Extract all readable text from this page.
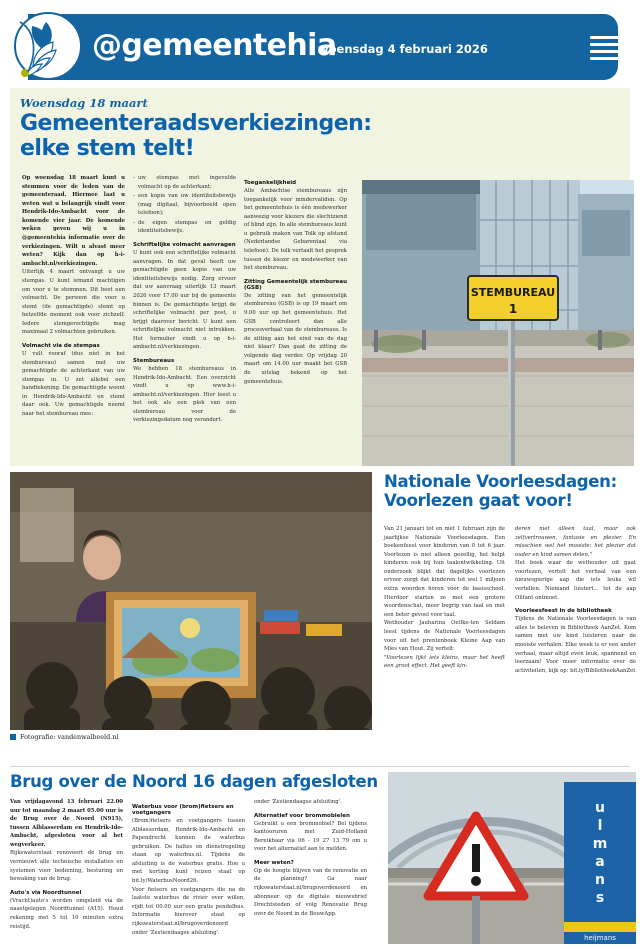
@gemeentehia
woensdag 4 februari 2026
Woensdag 18 maart
Gemeenteraadsverkiezingen: elke stem telt!

Op woensdag 18 maart kunt u stemmen voor de leden van de gemeenteraad. Hiermee laat u weten wat u belangrijk vindt voor Hendrik-Ido-Ambacht voor de komende vier jaar. De komende weken geven wij u in @gemeentehia informatie over de verkiezingen. Wilt u alvast meer weten? Kijk dan op h-i-ambacht.nl/verkiezingen.

Uiterlijk 4 maart ontvangt u uw stempas. U kunt iemand machtigen om voor u te stemmen. Dit heet een volmacht. De persoon die voor u stemt (de gemachtigde) stemt op hetzelfde moment ook voor zichzelf. Iedere stemgerechtigde mag maximaal 2 volmachten gebruiken.

Volmacht via de stempas

U vult vooraf (dus niet in het stembureau) samen met uw gemachtigde de achterkant van uw stempas in. U zet allebei een handtekening. De gemachtigde woont in Hendrik-Ido-Ambacht en stemt daar ook. Uw gemachtigde neemt naar het stembureau mee:

- uw stempas met ingevulde volmacht op de achterkant;
- een kopie van uw identiteitsbewijs (mag digitaal, bijvoorbeeld open telefoon);
- de eigen stempas en geldig identiteitsbewijs.
Schriftelijke volmacht aanvragen

U kunt ook een schriftelijke volmacht aanvragen. In dat geval heeft uw gemachtigde geen kopie van uw identiteitsbewijs nodig. Zorg ervoor dat uw aanvraag uiterlijk 13 maart 2026 voor 17.00 uur bij de gemeente binnen is. De gemachtigde krijgt de schriftelijke volmacht per post, u krijgt daarover bericht. U kunt een schriftelijke volmacht niet intrekken. Het formulier vindt u op h-i-ambacht.nl/verkiezingen.

Stembureaus

We hebben 18 stembureaus in Hendrik-Ido-Ambacht. Een overzicht vindt u op www.h-i-ambacht.nl/verkiezingen. Hier leest u het ook als een plek van een stembureau voor de verkiezingsdatum nog verandert.

Toegankelijkheid

Alle Ambachtse stembureaus zijn toegankelijk voor mindervaliden. Op het gemeentehuis is één medewerker aanwezig voor kiezers die slechtziend of blind zijn. In alle stembureaus kunt u gebruik maken van Tolk op afstand (Nederlandse Gebarentaal via telefoon). De tolk vertaalt het gesprek tussen de kiezer en medewerker van het stembureau.

Zitting Gemeentelijk stembureau (GSB)

De zitting van het gemeentelijk stembureau (GSB) is op 19 maart om 9.00 uur op het gemeentehuis. Het GSB controleert dan alle procesverbaal van de stembureaus. Is de zitting aan het eind van de dag niet klaar? Dan gaat de zitting de volgende dag verder. Op vrijdag 20 maart om 14.00 uur maakt het GSB de uitslag bekend op het gemeentehuis.

STEMBUREAU
1
Fotografie: vandenwalbeeld.nl
Nationale Voorleesdagen: Voorlezen gaat voor!

Van 21 januari tot en met 1 februari zijn de jaarlijkse Nationale Voorleesdagen. Een boekenfeest voor kinderen van 0 tot 6 jaar. Voorlezen is niet alleen gezellig, het helpt kinderen ook bij hun taalontwikkeling. Uit onderzoek blijkt dat dagelijks voorlezen ervoor zorgt dat kinderen tot wel 1 miljoen extra woorden horen vóór de basisschool. Hierdoor starten ze met een grotere woordenschat, meer begrip van taal en met een beter gevoel voor taal.

Wethouder Jauharina Oelfke-ten Seldam leest tijdens de Nationale Voorleesdagen voor uit het prentenboek Kleine Aap van Mies van Hout. Zij vertelt:

"Voorlezen lijkt iets kleins, maar het heeft een groot effect. Het geeft kin-

deren niet alleen taal, maar ook zelfvertrouwen, fantasie en plezier. En misschien wel het mooiste: het plezier dat ouder en kind samen delen."

Het boek waar de wethouder uit gaat voorlezen, vertelt het verhaal van een nieuwsgierige aap die iets leuks wil vertellen. Niemand luistert… tot de aap Olifant ontmoet.

Voorleesfeest in de bibliotheek

Tijdens de Nationale Voorleesdagen is van alles te beleven in Bibliotheek AanZet. Kom samen met uw kind luisteren naar de mooiste verhalen. Elke week is er een ander verhaal, maar altijd even leuk, spannend en leerzaam! Voor meer informatie over de activiteiten, kijk op: bit.ly/BibliotheekAanZet

Brug over de Noord 16 dagen afgesloten

Van vrijdagavond 13 februari 22.00 uur tot maandag 2 maart 05.00 uur is de Brug over de Noord (N915), tussen Alblasserdam en Hendrik-Ido-Ambacht, afgesloten voor al het wegverkeer.

Rijkswaterstaat renoveert de brug en vernieuwt alle technische installaties en systemen voor bediening, besturing en bewaking van de brug.

Auto's via Noordtunnel

(Vracht)auto's worden omgeleid via de naastgelegen Noordtunnel (A15). Houd rekening met 5 tot 10 minuten extra reistijd.

Waterbus voor (brom)fietsers en voetgangers

(Brom)fietsers en voetgangers tussen Alblasserdam, Hendrik-Ido-Ambacht en Papendrecht kunnen de waterbus gebruiken. De haltes en dienstregeling staan op waterbus.nl. Tijdens de afsluiting is de waterbus gratis. Hoe u met korting kunt reizen staat op bit.ly/WaterbusNoord26.

Voor fietsers en voetgangers die na de laatste waterbus de rivier over willen, rijdt tot 00.00 uur een gratis pendelbus. Informatie hierover staat op rijkswaterstaat.nl/brugoverdenoord onder 'Zestiendaagse afsluiting'.

onder 'Zestiendaagse afsluiting'.

Alternatief voor brommobielen

Gebruikt u een brommobiel? Bel tijdens kantooruren met Zuid-Holland Bereikbaar via 06 - 19 27 13 79 om u voor het alternatief aan te melden.

Meer weten?

Op de hoogte blijven van de renovatie en de planning? Ga naar rijkswaterstaat.nl/brugoverdenoord en abonneer op de digitale nieuwsbrief Drechtsteden of volg Renovatie Brug over de Noord in de BouwApp.

u
l
m
a
n
s
heijmans
